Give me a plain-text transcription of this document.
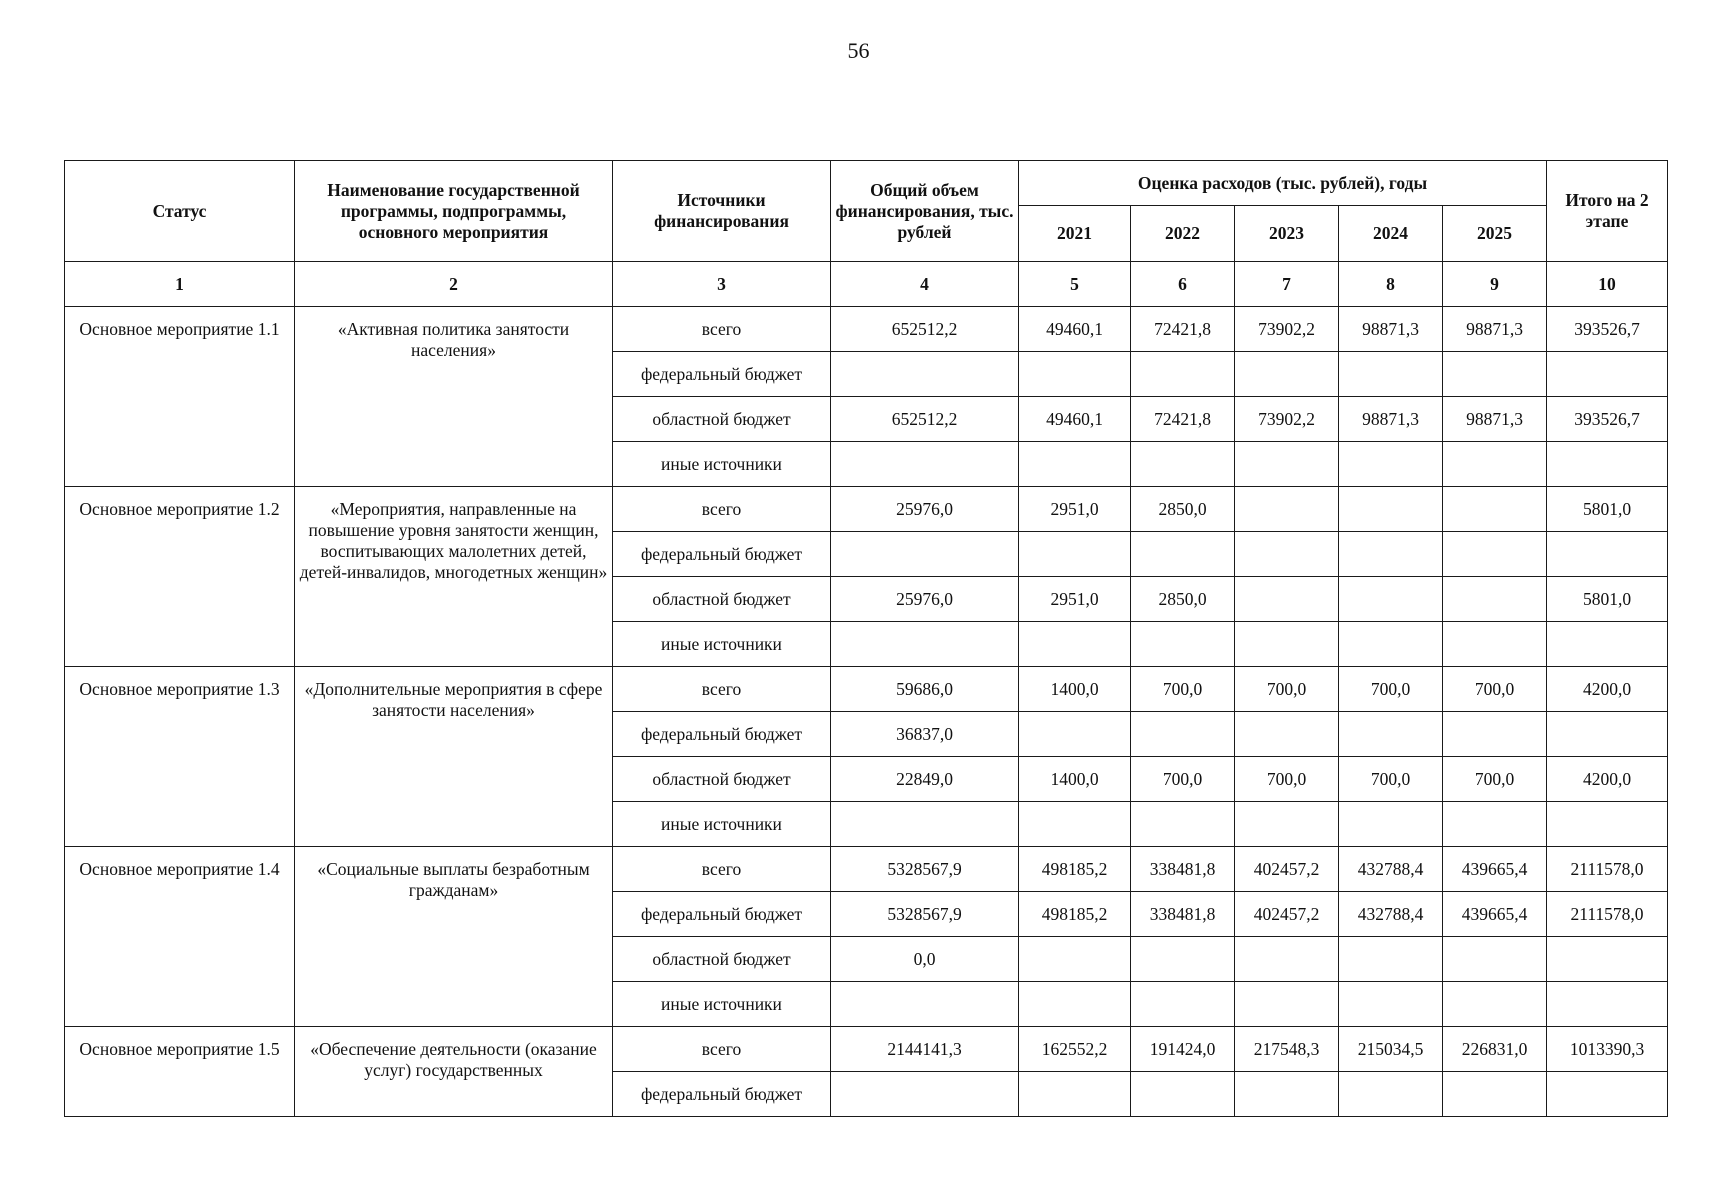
56
Статус	Наименование государственной программы, подпрограммы, основного мероприятия	Источники финансирования	Общий объем финансирования, тыс. рублей	Оценка расходов (тыс. рублей), годы					Итого на 2 этапе
				2021	2022	2023	2024	2025	
1	2	3	4	5	6	7	8	9	10
Основное мероприятие 1.1	«Активная политика занятости населения»	всего	652512,2	49460,1	72421,8	73902,2	98871,3	98871,3	393526,7
		федеральный бюджет							
		областной бюджет	652512,2	49460,1	72421,8	73902,2	98871,3	98871,3	393526,7
		иные источники							
Основное мероприятие 1.2	«Мероприятия, направленные на повышение уровня занятости женщин, воспитывающих малолетних детей, детей-инвалидов, многодетных женщин»	всего	25976,0	2951,0	2850,0				5801,0
		федеральный бюджет							
		областной бюджет	25976,0	2951,0	2850,0				5801,0
		иные источники							
Основное мероприятие 1.3	«Дополнительные мероприятия в сфере занятости населения»	всего	59686,0	1400,0	700,0	700,0	700,0	700,0	4200,0
		федеральный бюджет	36837,0						
		областной бюджет	22849,0	1400,0	700,0	700,0	700,0	700,0	4200,0
		иные источники							
Основное мероприятие 1.4	«Социальные выплаты безработным гражданам»	всего	5328567,9	498185,2	338481,8	402457,2	432788,4	439665,4	2111578,0
		федеральный бюджет	5328567,9	498185,2	338481,8	402457,2	432788,4	439665,4	2111578,0
		областной бюджет	0,0						
		иные источники							
Основное мероприятие 1.5	«Обеспечение деятельности (оказание услуг) государственных	всего	2144141,3	162552,2	191424,0	217548,3	215034,5	226831,0	1013390,3
		федеральный бюджет							
